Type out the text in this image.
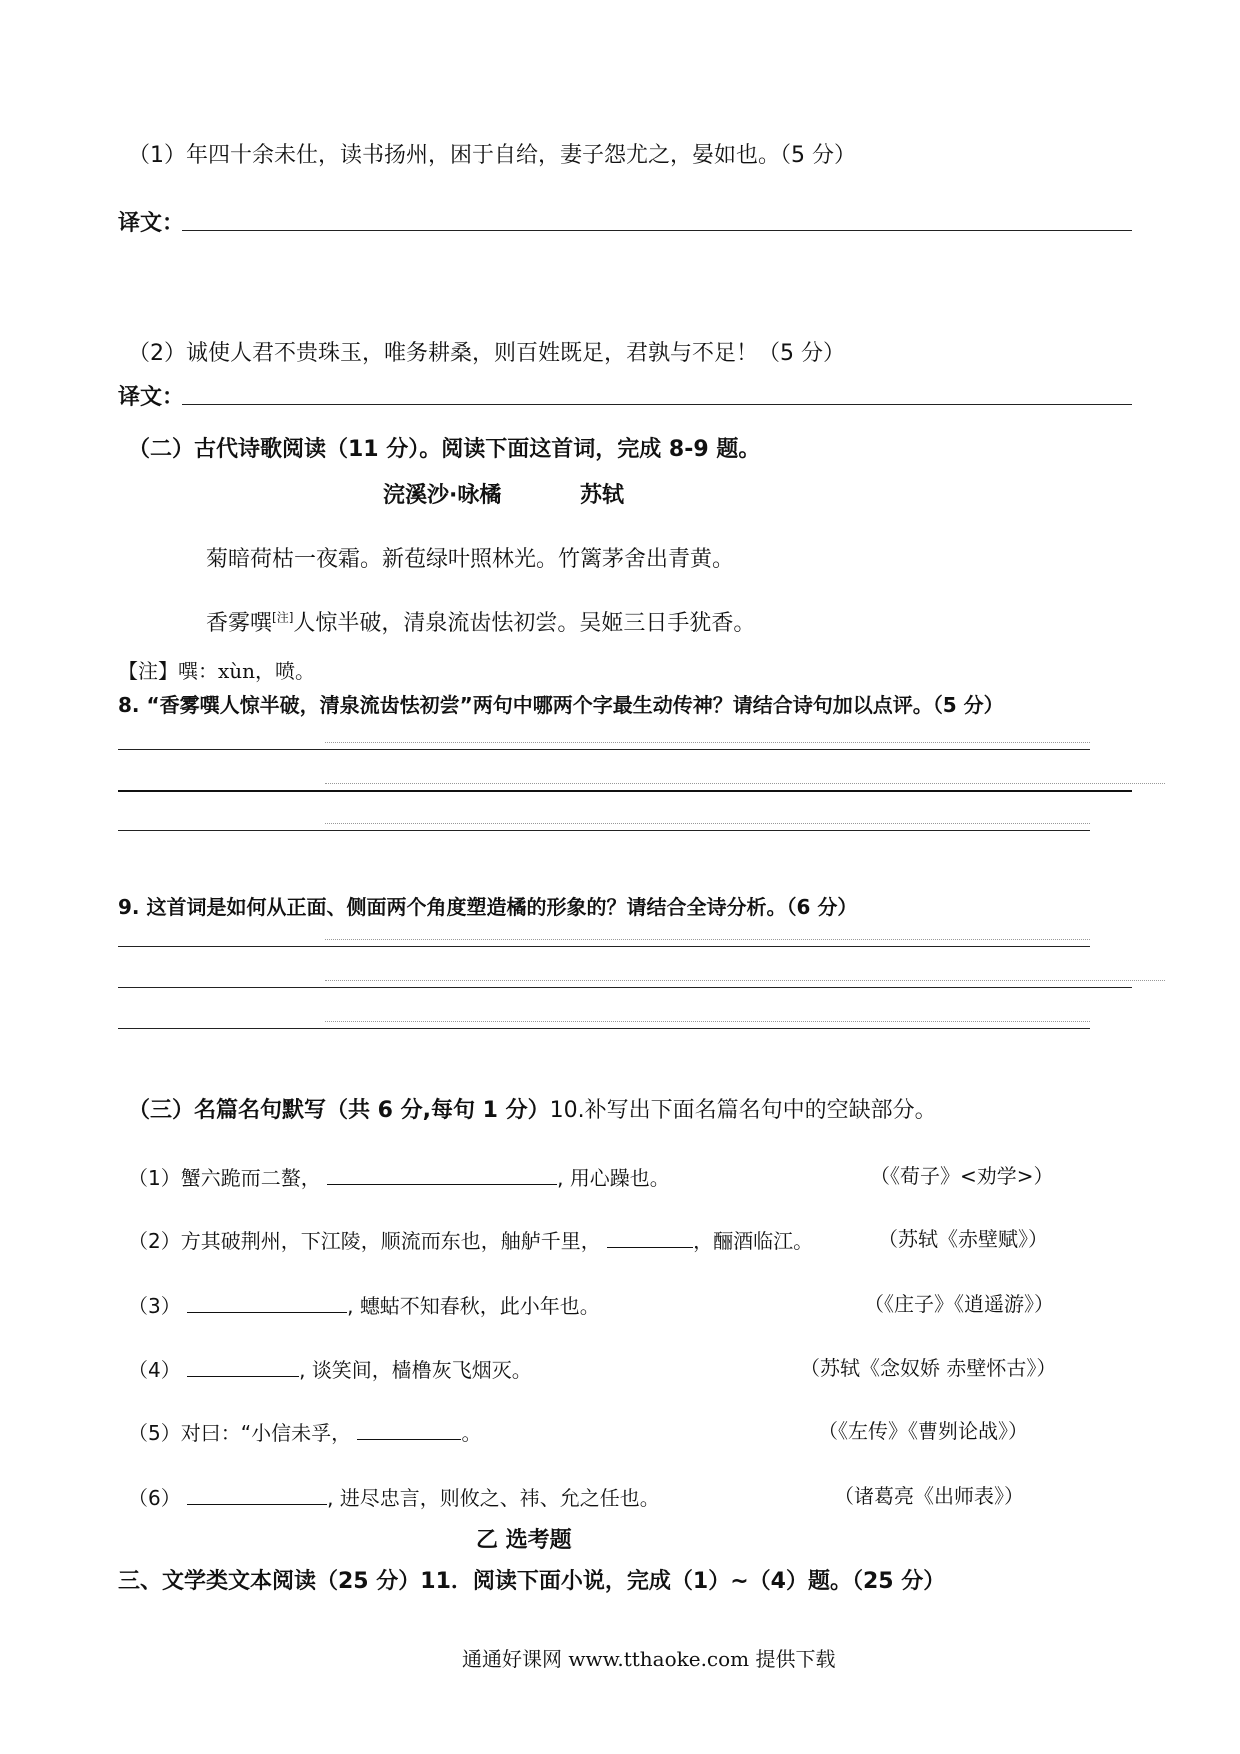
（1）年四十余未仕，读书扬州，困于自给，妻子怨尤之，晏如也。（5 分）
译文：
（2）诚使人君不贵珠玉，唯务耕桑，则百姓既足，君孰与不足！（5 分）
译文：
（二）古代诗歌阅读（11 分）。阅读下面这首词，完成 8-9 题。
浣溪沙·咏橘	苏轼
菊暗荷枯一夜霜。新苞绿叶照林光。竹篱茅舍出青黄。
香雾噀[注]人惊半破，清泉流齿怯初尝。吴姬三日手犹香。
【注】噀：xùn，喷。
8. “香雾噀人惊半破，清泉流齿怯初尝”两句中哪两个字最生动传神？请结合诗句加以点评。（5 分）
9. 这首词是如何从正面、侧面两个角度塑造橘的形象的？请结合全诗分析。（6 分）
（三）名篇名句默写（共 6 分,每句 1 分）10.补写出下面名篇名句中的空缺部分。
（1）蟹六跪而二螯，	, 用心躁也。	（《荀子》<劝学>）
（2）方其破荆州，下江陵，顺流而东也，舳舻千里，	，酾酒临江。	（苏轼《赤壁赋》）
（3）	, 蟪蛄不知春秋，此小年也。	（《庄子》《逍遥游》）
（4）	, 谈笑间，樯橹灰飞烟灭。	（苏轼《念奴娇 赤壁怀古》）
（5）对曰：“小信未孚，	。	（《左传》《曹刿论战》）
（6）	, 进尽忠言，则攸之、祎、允之任也。	（诸葛亮《出师表》）
乙 选考题
三、文学类文本阅读（25 分）11．阅读下面小说，完成（1）~（4）题。（25 分）
通通好课网 www.tthaoke.com 提供下载
